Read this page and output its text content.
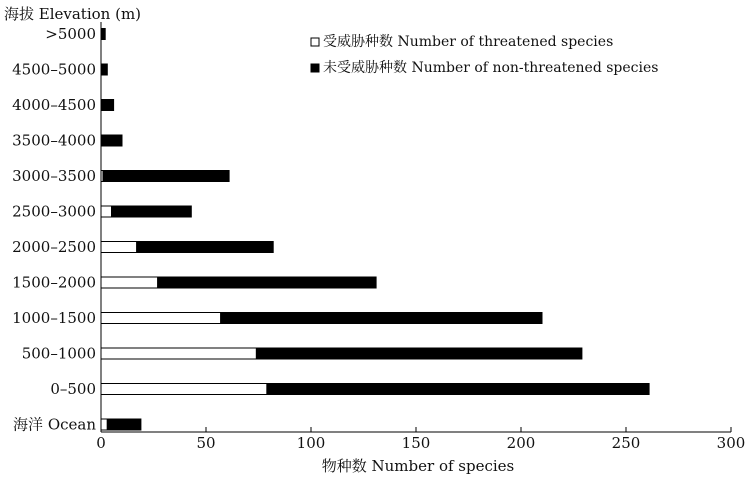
海拔 Elevation (m)
物种数 Number of species
受威胁种数 Number of threatened species
未受威胁种数 Number of non-threatened species
>5000
4500–5000
4000–4500
3500–4000
3000–3500
2500–3000
2000–2500
1500–2000
1000–1500
500–1000
0–500
海洋 Ocean
0	50	100	150	200	250	300
